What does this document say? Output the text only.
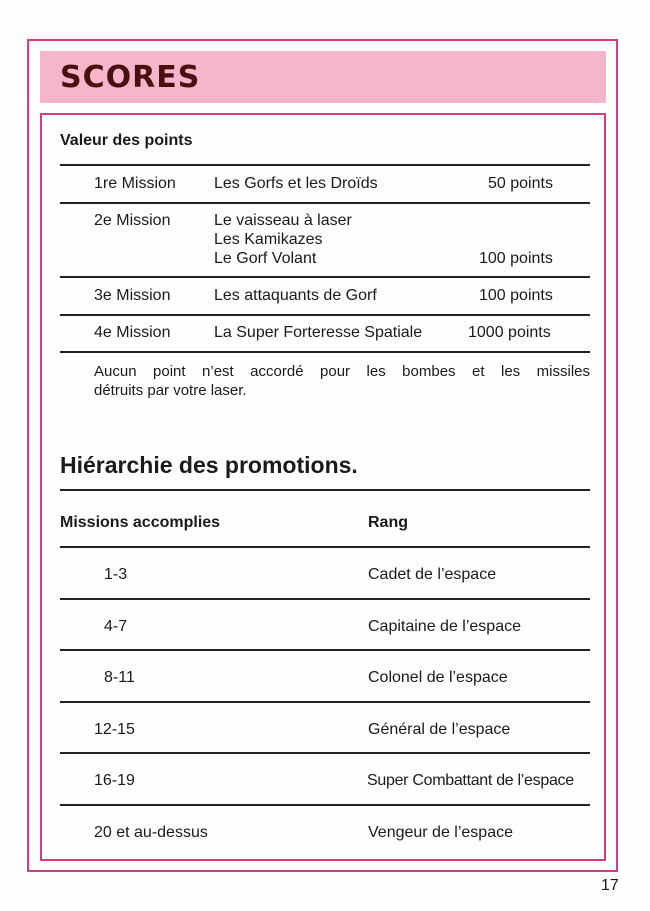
SCORES
Valeur des points
1re Mission Les Gorfs et les Droïds	50 points
2e Mission	Le vaisseau à laser
Les Kamikazes
Le Gorf Volant	100 points
3e Mission	Les attaquants de Gorf	100 points
4e Mission	La Super Forteresse Spatiale	1000 points
Aucun point n’est accordé pour les bombes et les missiles
détruits par votre laser.
Hiérarchie des promotions.
Missions accomplies	Rang
1-3	Cadet de l’espace
4-7	Capitaine de l’espace
8-11	Colonel de l’espace
12-15	Général de l’espace
16-19	Super Combattant de l’espace
20 et au-dessus	Vengeur de l’espace
17
